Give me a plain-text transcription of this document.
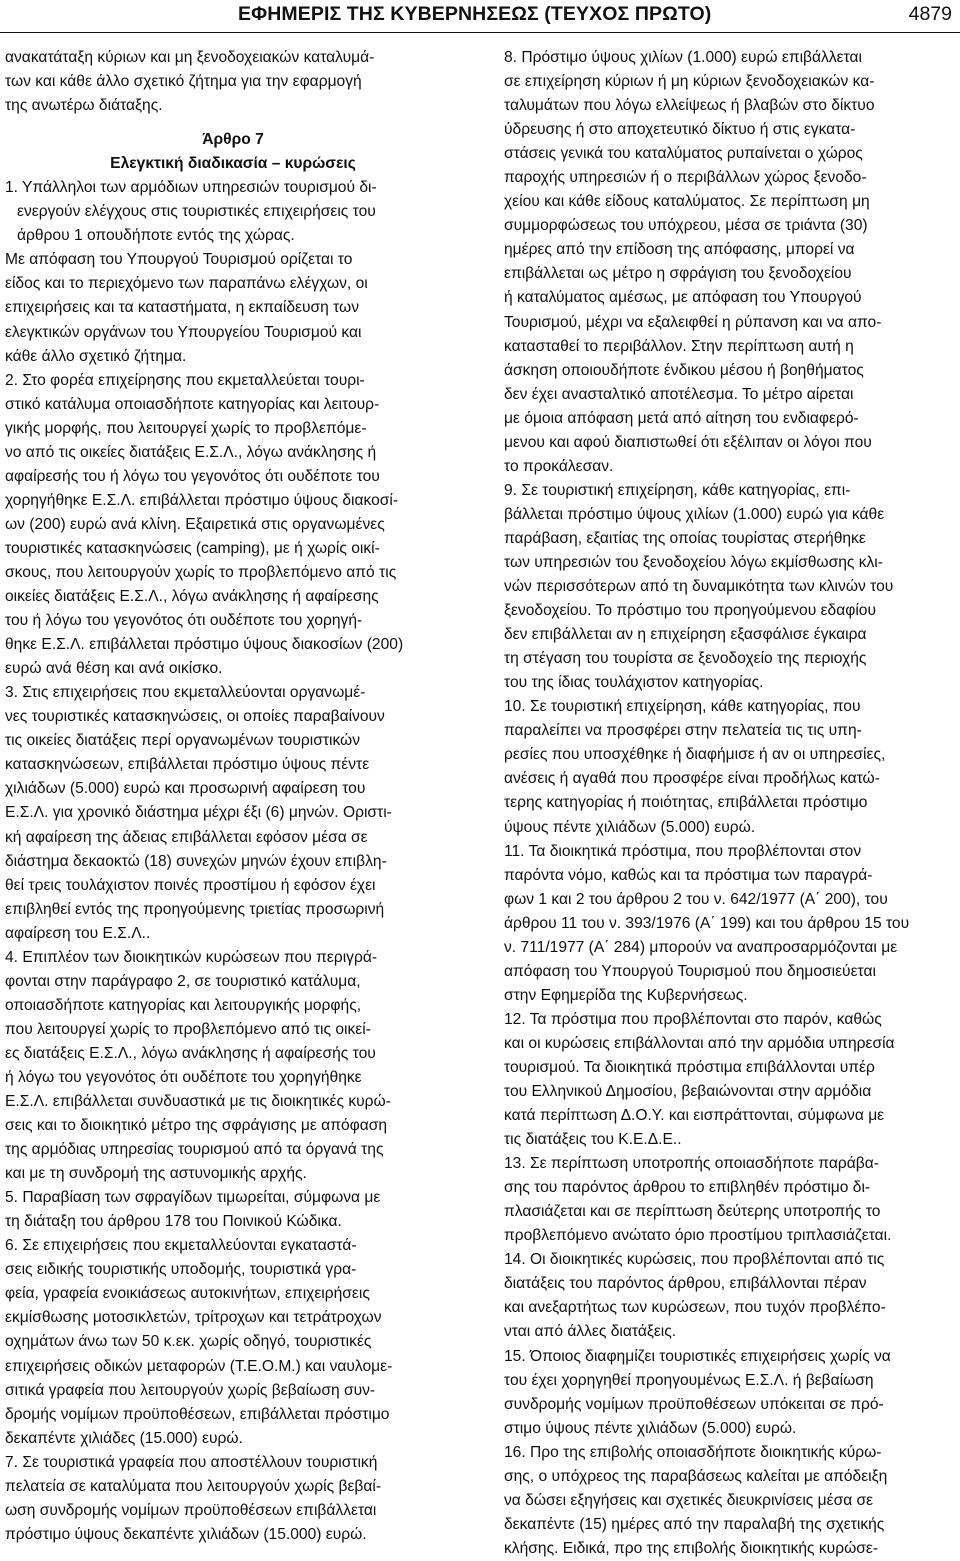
ΕΦΗΜΕΡΙΣ ΤΗΣ ΚΥΒΕΡΝΗΣΕΩΣ (ΤΕΥΧΟΣ ΠΡΩΤΟ)	4879

ανακατάταξη κύριων και μη ξενοδοχειακών καταλυμά-
των και κάθε άλλο σχετικό ζήτημα για την εφαρμογή
της ανωτέρω διάταξης.

Άρθρο 7

Ελεγκτική διαδικασία – κυρώσεις

1. Υπάλληλοι των αρμόδιων υπηρεσιών τουρισμού δι-
ενεργούν ελέγχους στις τουριστικές επιχειρήσεις του
άρθρου 1 οπουδήποτε εντός της χώρας.

Με απόφαση του Υπουργού Τουρισμού ορίζεται το
είδος και το περιεχόμενο των παραπάνω ελέγχων, οι
επιχειρήσεις και τα καταστήματα, η εκπαίδευση των
ελεγκτικών οργάνων του Υπουργείου Τουρισμού και
κάθε άλλο σχετικό ζήτημα.

2. Στο φορέα επιχείρησης που εκμεταλλεύεται τουρι-
στικό κατάλυμα οποιασδήποτε κατηγορίας και λειτουρ-
γικής μορφής, που λειτουργεί χωρίς το προβλεπόμε-
νο από τις οικείες διατάξεις Ε.Σ.Λ., λόγω ανάκλησης ή
αφαίρεσής του ή λόγω του γεγονότος ότι ουδέποτε του
χορηγήθηκε Ε.Σ.Λ. επιβάλλεται πρόστιμο ύψους διακοσί-
ων (200) ευρώ ανά κλίνη. Εξαιρετικά στις οργανωμένες
τουριστικές κατασκηνώσεις (camping), με ή χωρίς οικί-
σκους, που λειτουργούν χωρίς το προβλεπόμενο από τις
οικείες διατάξεις Ε.Σ.Λ., λόγω ανάκλησης ή αφαίρεσης
του ή λόγω του γεγονότος ότι ουδέποτε του χορηγή-
θηκε Ε.Σ.Λ. επιβάλλεται πρόστιμο ύψους διακοσίων (200)
ευρώ ανά θέση και ανά οικίσκο.

3. Στις επιχειρήσεις που εκμεταλλεύονται οργανωμέ-
νες τουριστικές κατασκηνώσεις, οι οποίες παραβαίνουν
τις οικείες διατάξεις περί οργανωμένων τουριστικών
κατασκηνώσεων, επιβάλλεται πρόστιμο ύψους πέντε
χιλιάδων (5.000) ευρώ και προσωρινή αφαίρεση του
Ε.Σ.Λ. για χρονικό διάστημα μέχρι έξι (6) μηνών. Οριστι-
κή αφαίρεση της άδειας επιβάλλεται εφόσον μέσα σε
διάστημα δεκαοκτώ (18) συνεχών μηνών έχουν επιβλη-
θεί τρεις τουλάχιστον ποινές προστίμου ή εφόσον έχει
επιβληθεί εντός της προηγούμενης τριετίας προσωρινή
αφαίρεση του Ε.Σ.Λ..

4. Επιπλέον των διοικητικών κυρώσεων που περιγρά-
φονται στην παράγραφο 2, σε τουριστικό κατάλυμα,
οποιασδήποτε κατηγορίας και λειτουργικής μορφής,
που λειτουργεί χωρίς το προβλεπόμενο από τις οικεί-
ες διατάξεις Ε.Σ.Λ., λόγω ανάκλησης ή αφαίρεσής του
ή λόγω του γεγονότος ότι ουδέποτε του χορηγήθηκε
Ε.Σ.Λ. επιβάλλεται συνδυαστικά με τις διοικητικές κυρώ-
σεις και το διοικητικό μέτρο της σφράγισης με απόφαση
της αρμόδιας υπηρεσίας τουρισμού από τα όργανά της
και με τη συνδρομή της αστυνομικής αρχής.

5. Παραβίαση των σφραγίδων τιμωρείται, σύμφωνα με
τη διάταξη του άρθρου 178 του Ποινικού Κώδικα.

6. Σε επιχειρήσεις που εκμεταλλεύονται εγκαταστά-
σεις ειδικής τουριστικής υποδομής, τουριστικά γρα-
φεία, γραφεία ενοικιάσεως αυτοκινήτων, επιχειρήσεις
εκμίσθωσης μοτοσικλετών, τρίτροχων και τετράτροχων
οχημάτων άνω των 50 κ.εκ. χωρίς οδηγό, τουριστικές
επιχειρήσεις οδικών μεταφορών (Τ.Ε.Ο.Μ.) και ναυλομε-
σιτικά γραφεία που λειτουργούν χωρίς βεβαίωση συν-
δρομής νομίμων προϋποθέσεων, επιβάλλεται πρόστιμο
δεκαπέντε χιλιάδες (15.000) ευρώ.

7. Σε τουριστικά γραφεία που αποστέλλουν τουριστική
πελατεία σε καταλύματα που λειτουργούν χωρίς βεβαί-
ωση συνδρομής νομίμων προϋποθέσεων επιβάλλεται
πρόστιμο ύψους δεκαπέντε χιλιάδων (15.000) ευρώ.

8. Πρόστιμο ύψους χιλίων (1.000) ευρώ επιβάλλεται
σε επιχείρηση κύριων ή μη κύριων ξενοδοχειακών κα-
ταλυμάτων που λόγω ελλείψεως ή βλαβών στο δίκτυο
ύδρευσης ή στο αποχετευτικό δίκτυο ή στις εγκατα-
στάσεις γενικά του καταλύματος ρυπαίνεται ο χώρος
παροχής υπηρεσιών ή ο περιβάλλων χώρος ξενοδο-
χείου και κάθε είδους καταλύματος. Σε περίπτωση μη
συμμορφώσεως του υπόχρεου, μέσα σε τριάντα (30)
ημέρες από την επίδοση της απόφασης, μπορεί να
επιβάλλεται ως μέτρο η σφράγιση του ξενοδοχείου
ή καταλύματος αμέσως, με απόφαση του Υπουργού
Τουρισμού, μέχρι να εξαλειφθεί η ρύπανση και να απο-
κατασταθεί το περιβάλλον. Στην περίπτωση αυτή η
άσκηση οποιουδήποτε ένδικου μέσου ή βοηθήματος
δεν έχει ανασταλτικό αποτέλεσμα. Το μέτρο αίρεται
με όμοια απόφαση μετά από αίτηση του ενδιαφερό-
μενου και αφού διαπιστωθεί ότι εξέλιπαν οι λόγοι που
το προκάλεσαν.

9. Σε τουριστική επιχείρηση, κάθε κατηγορίας, επι-
βάλλεται πρόστιμο ύψους χιλίων (1.000) ευρώ για κάθε
παράβαση, εξαιτίας της οποίας τουρίστας στερήθηκε
των υπηρεσιών του ξενοδοχείου λόγω εκμίσθωσης κλι-
νών περισσότερων από τη δυναμικότητα των κλινών του
ξενοδοχείου. Το πρόστιμο του προηγούμενου εδαφίου
δεν επιβάλλεται αν η επιχείρηση εξασφάλισε έγκαιρα
τη στέγαση του τουρίστα σε ξενοδοχείο της περιοχής
του της ίδιας τουλάχιστον κατηγορίας.

10. Σε τουριστική επιχείρηση, κάθε κατηγορίας, που
παραλείπει να προσφέρει στην πελατεία τις τις υπη-
ρεσίες που υποσχέθηκε ή διαφήμισε ή αν οι υπηρεσίες,
ανέσεις ή αγαθά που προσφέρε είναι προδήλως κατώ-
τερης κατηγορίας ή ποιότητας, επιβάλλεται πρόστιμο
ύψους πέντε χιλιάδων (5.000) ευρώ.

11. Τα διοικητικά πρόστιμα, που προβλέπονται στον
παρόντα νόμο, καθώς και τα πρόστιμα των παραγρά-
φων 1 και 2 του άρθρου 2 του ν. 642/1977 (Α΄ 200), του
άρθρου 11 του ν. 393/1976 (Α΄ 199) και του άρθρου 15 του
ν. 711/1977 (Α΄ 284) μπορούν να αναπροσαρμόζονται με
απόφαση του Υπουργού Τουρισμού που δημοσιεύεται
στην Εφημερίδα της Κυβερνήσεως.

12. Τα πρόστιμα που προβλέπονται στο παρόν, καθώς
και οι κυρώσεις επιβάλλονται από την αρμόδια υπηρεσία
τουρισμού. Τα διοικητικά πρόστιμα επιβάλλονται υπέρ
του Ελληνικού Δημοσίου, βεβαιώνονται στην αρμόδια
κατά περίπτωση Δ.Ο.Υ. και εισπράττονται, σύμφωνα με
τις διατάξεις του Κ.Ε.Δ.Ε..

13. Σε περίπτωση υποτροπής οποιασδήποτε παράβα-
σης του παρόντος άρθρου το επιβληθέν πρόστιμο δι-
πλασιάζεται και σε περίπτωση δεύτερης υποτροπής το
προβλεπόμενο ανώτατο όριο προστίμου τριπλασιάζεται.

14. Οι διοικητικές κυρώσεις, που προβλέπονται από τις
διατάξεις του παρόντος άρθρου, επιβάλλονται πέραν
και ανεξαρτήτως των κυρώσεων, που τυχόν προβλέπο-
νται από άλλες διατάξεις.

15. Όποιος διαφημίζει τουριστικές επιχειρήσεις χωρίς να
του έχει χορηγηθεί προηγουμένως Ε.Σ.Λ. ή βεβαίωση
συνδρομής νομίμων προϋποθέσεων υπόκειται σε πρό-
στιμο ύψους πέντε χιλιάδων (5.000) ευρώ.

16. Προ της επιβολής οποιασδήποτε διοικητικής κύρω-
σης, ο υπόχρεος της παραβάσεως καλείται με απόδειξη
να δώσει εξηγήσεις και σχετικές διευκρινίσεις μέσα σε
δεκαπέντε (15) ημέρες από την παραλαβή της σχετικής
κλήσης. Ειδικά, προ της επιβολής διοικητικής κυρώσε-
